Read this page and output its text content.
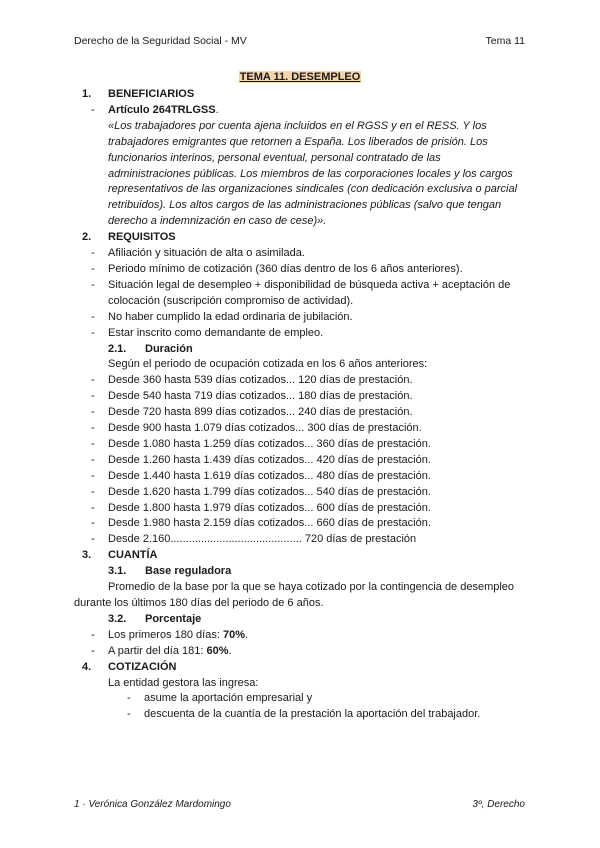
Derecho de la Seguridad Social - MV	Tema 11
TEMA 11. DESEMPLEO
1. BENEFICIARIOS
- Artículo 264TRLGSS.
«Los trabajadores por cuenta ajena incluidos en el RGSS y en el RESS. Y los trabajadores emigrantes que retornen a España. Los liberados de prisión. Los funcionarios interinos, personal eventual, personal contratado de las administraciones públicas. Los miembros de las corporaciones locales y los cargos representativos de las organizaciones sindicales (con dedicación exclusiva o parcial retribuidos). Los altos cargos de las administraciones públicas (salvo que tengan derecho a indemnización en caso de cese)».
2. REQUISITOS
- Afiliación y situación de alta o asimilada.
- Periodo mínimo de cotización (360 días dentro de los 6 años anteriores).
- Situación legal de desempleo + disponibilidad de búsqueda activa + aceptación de
colocación (suscripción compromiso de actividad).
- No haber cumplido la edad ordinaria de jubilación.
- Estar inscrito como demandante de empleo.
2.1. Duración
Según el periodo de ocupación cotizada en los 6 años anteriores:
- Desde 360 hasta 539 días cotizados... 120 días de prestación.
- Desde 540 hasta 719 días cotizados... 180 días de prestación.
- Desde 720 hasta 899 días cotizados... 240 días de prestación.
- Desde 900 hasta 1.079 días cotizados... 300 días de prestación.
- Desde 1.080 hasta 1.259 días cotizados... 360 días de prestación.
- Desde 1.260 hasta 1.439 días cotizados... 420 días de prestación.
- Desde 1.440 hasta 1.619 días cotizados... 480 días de prestación.
- Desde 1.620 hasta 1.799 días cotizados... 540 días de prestación.
- Desde 1.800 hasta 1.979 días cotizados... 600 días de prestación.
- Desde 1.980 hasta 2.159 días cotizados... 660 días de prestación.
- Desde 2.160........................................... 720 días de prestación
3. CUANTÍA
3.1. Base reguladora
Promedio de la base por la que se haya cotizado por la contingencia de desempleo durante los últimos 180 días del periodo de 6 años.
3.2. Porcentaje
- Los primeros 180 días: 70%.
- A partir del día 181: 60%.
4. COTIZACIÓN
La entidad gestora las ingresa:
- asume la aportación empresarial y
- descuenta de la cuantía de la prestación la aportación del trabajador.
1 · Verónica González Mardomingo	3º, Derecho
